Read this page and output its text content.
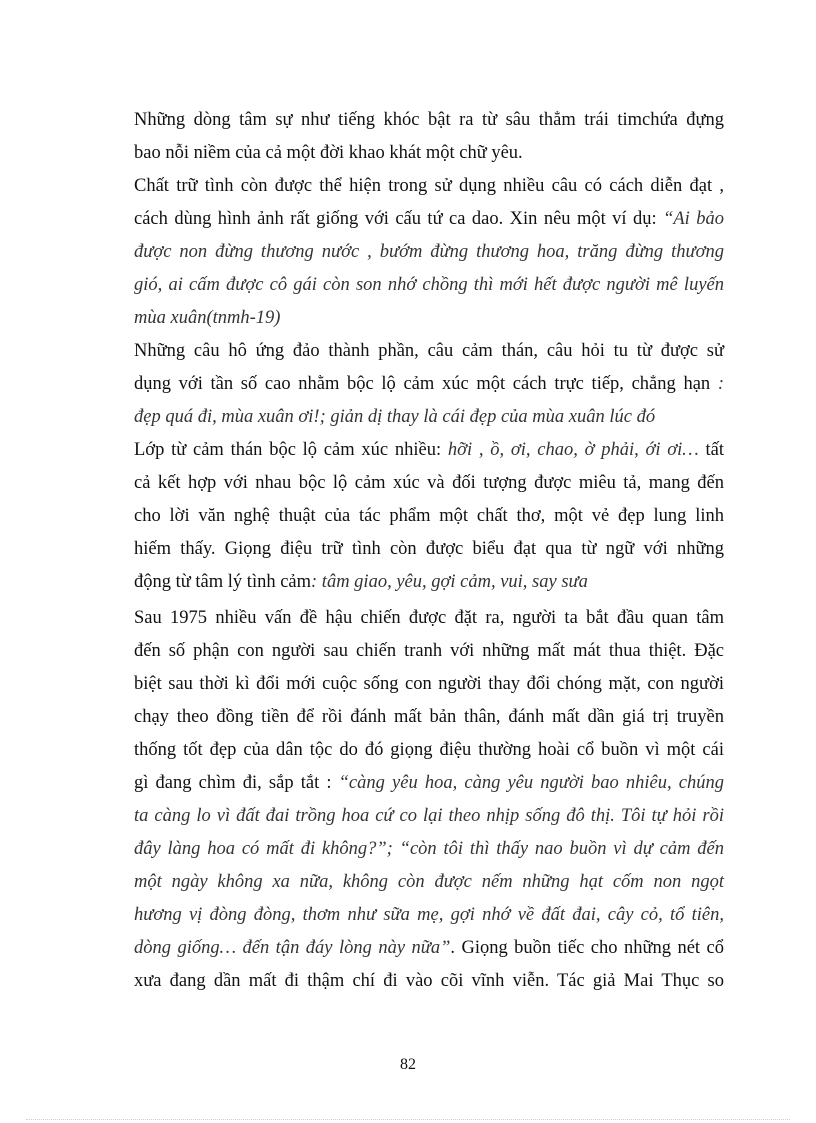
Những dòng tâm sự như tiếng khóc bật ra từ sâu thẳm trái timchứa đựng
bao nỗi niềm của cả một đời khao khát một chữ yêu.
Chất trữ tình còn được thể hiện trong sử dụng nhiều câu có cách diễn đạt ,
cách dùng hình ảnh rất giống với cấu tứ ca dao. Xin nêu một ví dụ: “Ai bảo
được non đừng thương nước , bướm đừng thương hoa, trăng đừng thương
gió, ai cấm được cô gái còn son nhớ chồng thì mới hết được người mê luyến
mùa xuân(tnmh-19)
Những câu hô ứng đảo thành phần, câu cảm thán, câu hỏi tu từ được sử
dụng với tần số cao nhằm bộc lộ cảm xúc một cách trực tiếp, chẳng hạn :
đẹp quá đi, mùa xuân ơi!; giản dị thay là cái đẹp của mùa xuân lúc đó
Lớp từ cảm thán bộc lộ cảm xúc nhiều: hỡi , ồ, ơi, chao, ờ phải, ới ơi… tất
cả kết hợp với nhau bộc lộ cảm xúc và đối tượng được miêu tả, mang đến
cho lời văn nghệ thuật của tác phẩm một chất thơ, một vẻ đẹp lung linh
hiếm thấy. Giọng điệu trữ tình còn được biểu đạt qua từ ngữ với những
động từ tâm lý tình cảm: tâm giao, yêu, gợi cảm, vui, say sưa
Sau 1975 nhiều vấn đề hậu chiến được đặt ra, người ta bắt đầu quan tâm
đến số phận con người sau chiến tranh với những mất mát thua thiệt. Đặc
biệt sau thời kì đổi mới cuộc sống con người thay đổi chóng mặt, con người
chạy theo đồng tiền để rồi đánh mất bản thân, đánh mất dần giá trị truyền
thống tốt đẹp của dân tộc do đó giọng điệu thường hoài cổ buồn vì một cái
gì đang chìm đi, sắp tắt : “càng yêu hoa, càng yêu người bao nhiêu, chúng
ta càng lo vì đất đai trồng hoa cứ co lại theo nhịp sống đô thị. Tôi tự hỏi rồi
đây làng hoa có mất đi không?”; “còn tôi thì thấy nao buồn vì dự cảm đến
một ngày không xa nữa, không còn được nếm những hạt cốm non ngọt
hương vị đòng đòng, thơm như sữa mẹ, gợi nhớ về đất đai, cây cỏ, tổ tiên,
dòng giống… đến tận đáy lòng này nữa”. Giọng buồn tiếc cho những nét cổ
xưa đang dần mất đi thậm chí đi vào cõi vĩnh viễn. Tác giả Mai Thục so
82
